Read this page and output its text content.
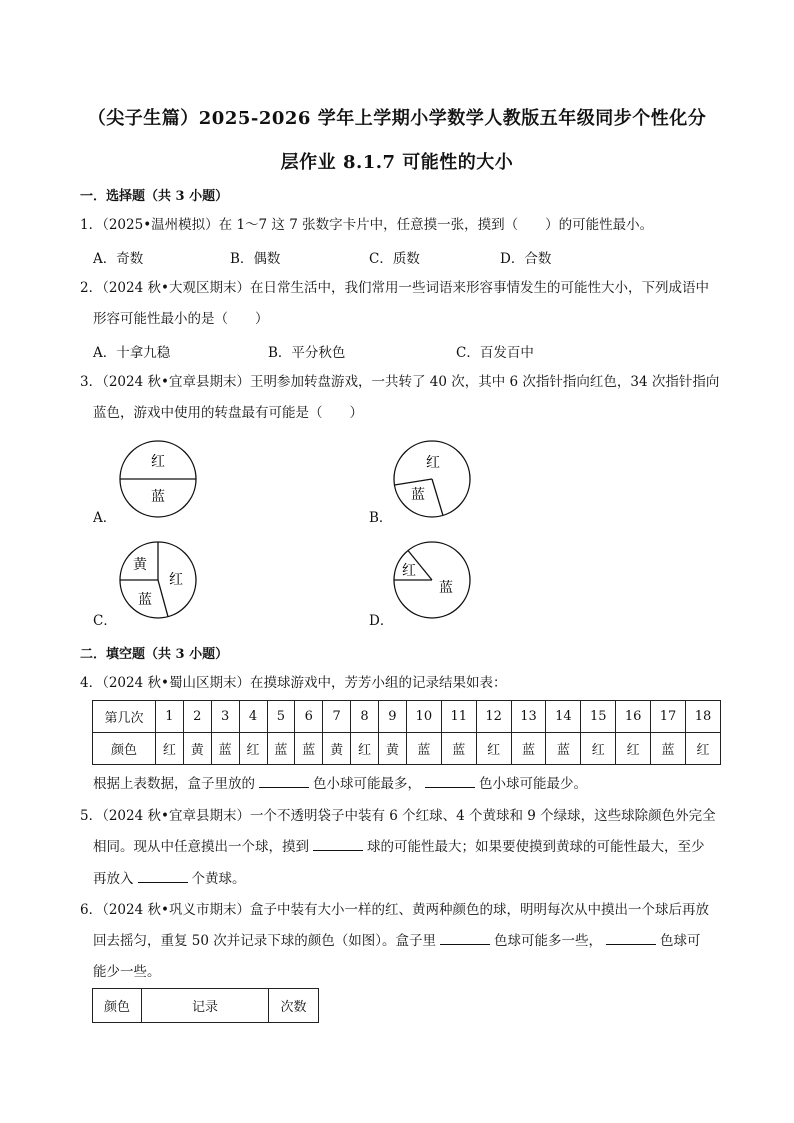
（尖子生篇）2025-2026 学年上学期小学数学人教版五年级同步个性化分
层作业 8.1.7 可能性的大小
一．选择题（共 3 小题）
1．（2025•温州模拟）在 1～7 这 7 张数字卡片中，任意摸一张，摸到（　　）的可能性最小。
A．奇数	B．偶数	C．质数	D．合数
2．（2024 秋•大观区期末）在日常生活中，我们常用一些词语来形容事情发生的可能性大小，下列成语中
形容可能性最小的是（　　）
A．十拿九稳	B．平分秋色	C．百发百中
3．（2024 秋•宜章县期末）王明参加转盘游戏，一共转了 40 次，其中 6 次指针指向红色，34 次指针指向
蓝色，游戏中使用的转盘最有可能是（　　）
A．
红
蓝
B．
红
蓝
C．
黄
红
蓝
D．
红
蓝
二．填空题（共 3 小题）
4．（2024 秋•蜀山区期末）在摸球游戏中，芳芳小组的记录结果如表：
第几次	1	2	3	4	5	6	7	8	9	10	11	12	13	14	15	16	17	18
颜色	红	黄	蓝	红	蓝	蓝	黄	红	黄	蓝	蓝	红	蓝	蓝	红	红	蓝	红
根据上表数据，盒子里放的	色小球可能最多，	色小球可能最少。
5．（2024 秋•宜章县期末）一个不透明袋子中装有 6 个红球、4 个黄球和 9 个绿球，这些球除颜色外完全
相同。现从中任意摸出一个球，摸到	球的可能性最大；如果要使摸到黄球的可能性最大，至少
再放入	个黄球。
6．（2024 秋•巩义市期末）盒子中装有大小一样的红、黄两种颜色的球，明明每次从中摸出一个球后再放
回去摇匀，重复 50 次并记录下球的颜色（如图）。盒子里	色球可能多一些，	色球可
能少一些。
颜色	记录	次数
